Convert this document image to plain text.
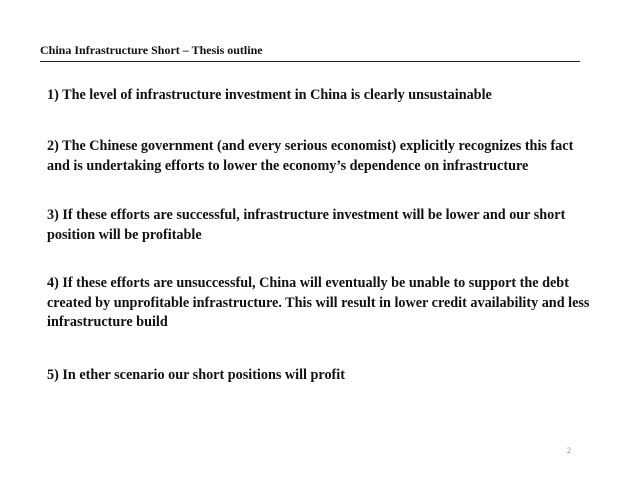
China Infrastructure Short – Thesis outline

1) The level of infrastructure investment in China is clearly unsustainable

2) The Chinese government (and every serious economist) explicitly recognizes this fact and is undertaking efforts to lower the economy’s dependence on infrastructure

3) If these efforts are successful, infrastructure investment will be lower and our short position will be profitable

4) If these efforts are unsuccessful, China will eventually be unable to support the debt created by unprofitable infrastructure. This will result in lower credit availability and less infrastructure build

5) In ether scenario our short positions will profit

2
